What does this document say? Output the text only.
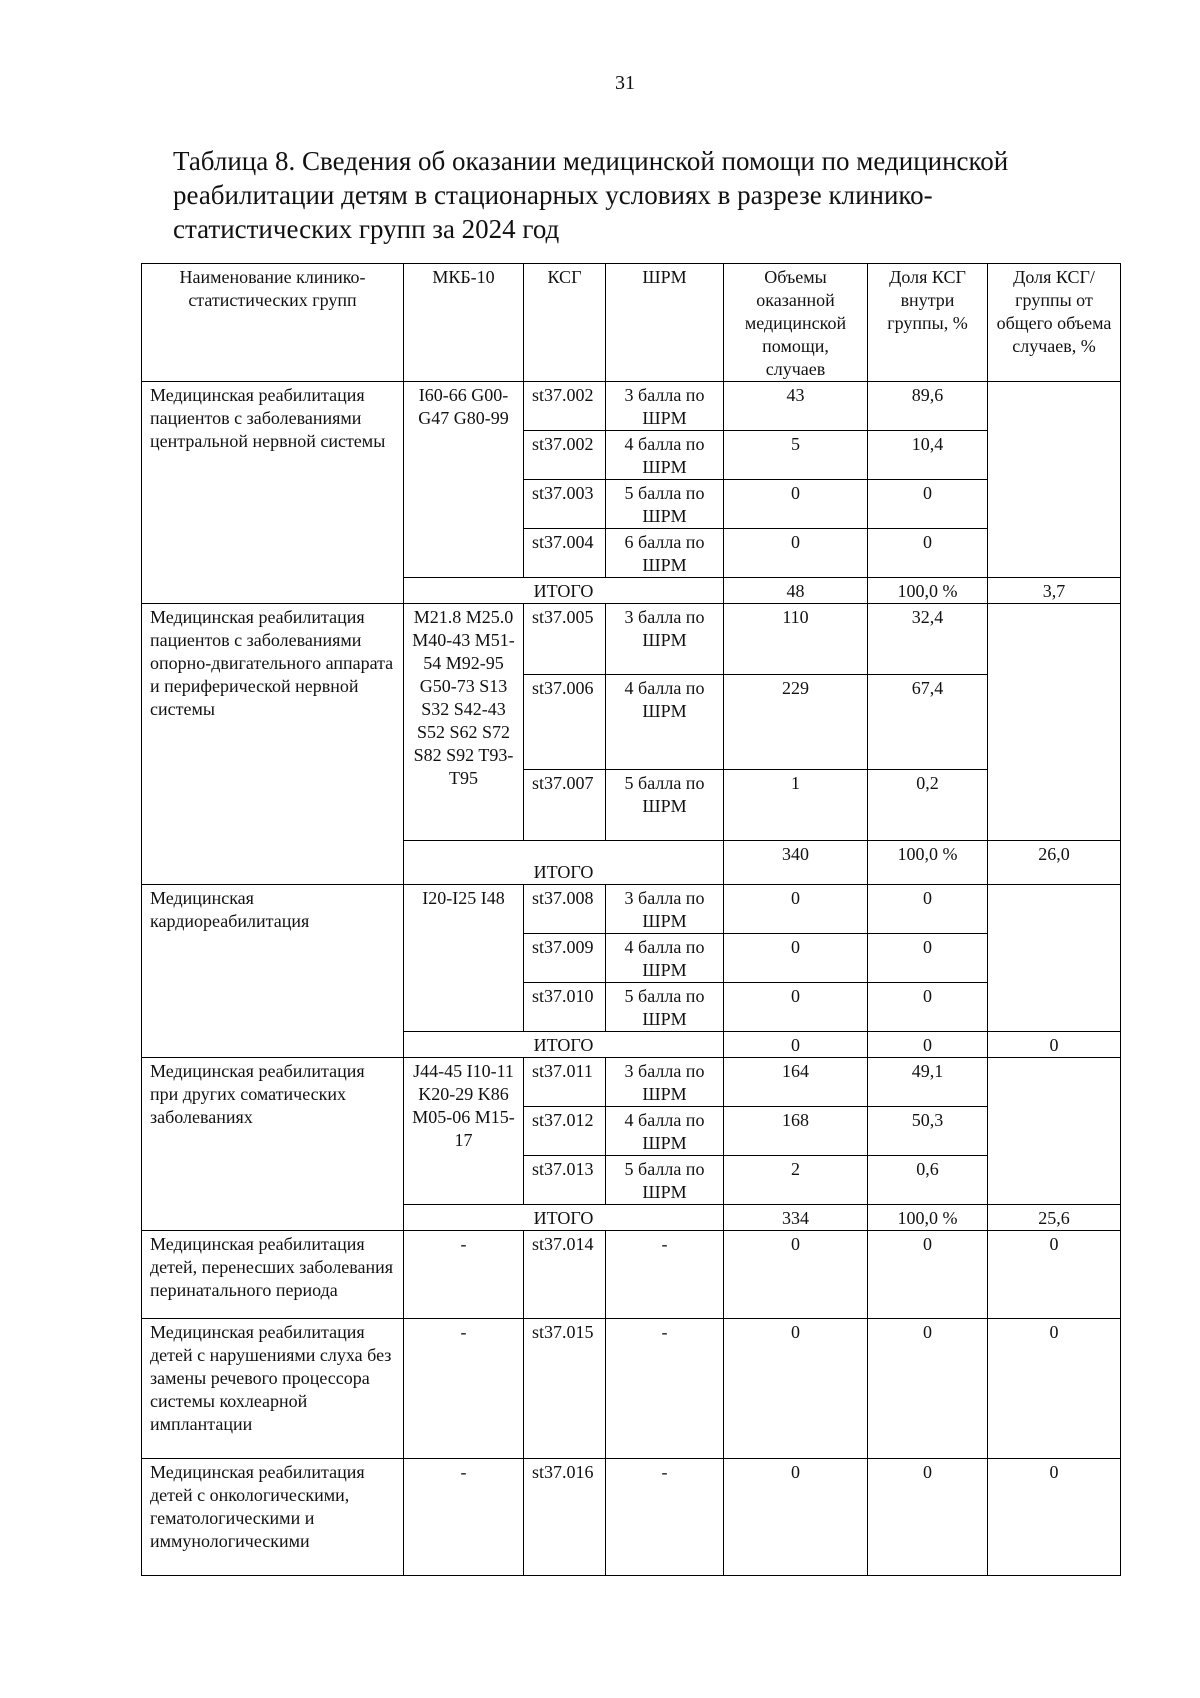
31
Таблица 8. Сведения об оказании медицинской помощи по медицинской реабилитации детям в стационарных условиях в разрезе клинико-статистических групп за 2024 год
Наименование клинико-статистических групп	МКБ-10	КСГ	ШРМ	Объемы оказанной медицинской помощи, случаев	Доля КСГ внутри группы, %	Доля КСГ/группы от общего объема случаев, %
Медицинская реабилитация пациентов с заболеваниями центральной нервной системы	I60-66 G00-G47 G80-99	st37.002	3 балла по ШРМ	43	89,6	
		st37.002	4 балла по ШРМ	5	10,4	
		st37.003	5 балла по ШРМ	0	0	
		st37.004	6 балла по ШРМ	0	0	
	ИТОГО			48	100,0 %	3,7
Медицинская реабилитация пациентов с заболеваниями опорно-двигательного аппарата и периферической нервной системы	M21.8 M25.0 M40-43 M51-54 M92-95 G50-73 S13 S32 S42-43 S52 S62 S72 S82 S92 T93-T95	st37.005	3 балла по ШРМ	110	32,4	
		st37.006	4 балла по ШРМ	229	67,4	
		st37.007	5 балла по ШРМ	1	0,2	
	ИТОГО			340	100,0 %	26,0
Медицинская кардиореабилитация	I20-I25 I48	st37.008	3 балла по ШРМ	0	0	
		st37.009	4 балла по ШРМ	0	0	
		st37.010	5 балла по ШРМ	0	0	
	ИТОГО			0	0	0
Медицинская реабилитация при других соматических заболеваниях	J44-45 I10-11 K20-29 K86 M05-06 M15-17	st37.011	3 балла по ШРМ	164	49,1	
		st37.012	4 балла по ШРМ	168	50,3	
		st37.013	5 балла по ШРМ	2	0,6	
	ИТОГО			334	100,0 %	25,6
Медицинская реабилитация детей, перенесших заболевания перинатального периода	-	st37.014	-	0	0	0
Медицинская реабилитация детей с нарушениями слуха без замены речевого процессора системы кохлеарной имплантации	-	st37.015	-	0	0	0
Медицинская реабилитация детей с онкологическими, гематологическими и иммунологическими	-	st37.016	-	0	0	0
